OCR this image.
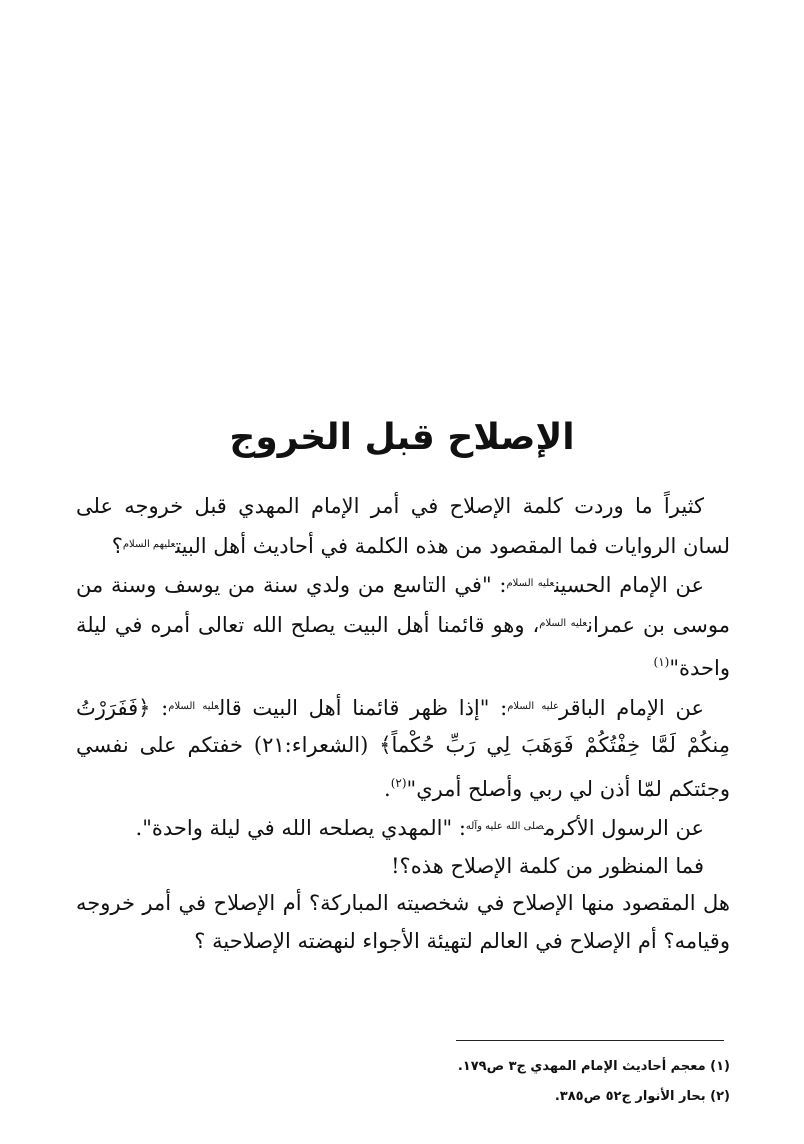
الإصلاح قبل الخروج

كثيراً ما وردت كلمة الإصلاح في أمر الإمام المهدي قبل خروجه على لسان الروايات فما المقصود من هذه الكلمة في أحاديث أهل البيت$^{عليهم السلام}$؟

عن الإمام الحسين$^{عليه السلام}$: "في التاسع من ولدي سنة من يوسف وسنة من موسى بن عمران$^{عليه السلام}$، وهو قائمنا أهل البيت يصلح الله تعالى أمره في ليلة واحدة"$^{(١)}$

عن الإمام الباقر$^{عليه السلام}$: "إذا ظهر قائمنا أهل البيت قال$^{عليه السلام}$: ﴿فَفَرَرْتُ مِنكُمْ لَمَّا خِفْتُكُمْ فَوَهَبَ لِي رَبِّ حُكْماً﴾ (الشعراء:٢١) خفتكم على نفسي وجئتكم لمّا أذن لي ربي وأصلح أمري"$^{(٢)}$.

عن الرسول الأكرم$^{صلى الله عليه وآله}$: "المهدي يصلحه الله في ليلة واحدة".

فما المنظور من كلمة الإصلاح هذه؟!

هل المقصود منها الإصلاح في شخصيته المباركة؟ أم الإصلاح في أمر خروجه وقيامه؟ أم الإصلاح في العالم لتهيئة الأجواء لنهضته الإصلاحية ؟

(١) معجم أحاديث الإمام المهدي ج٣ ص١٧٩.

(٢) بحار الأنوار ج٥٢ ص٣٨٥.
